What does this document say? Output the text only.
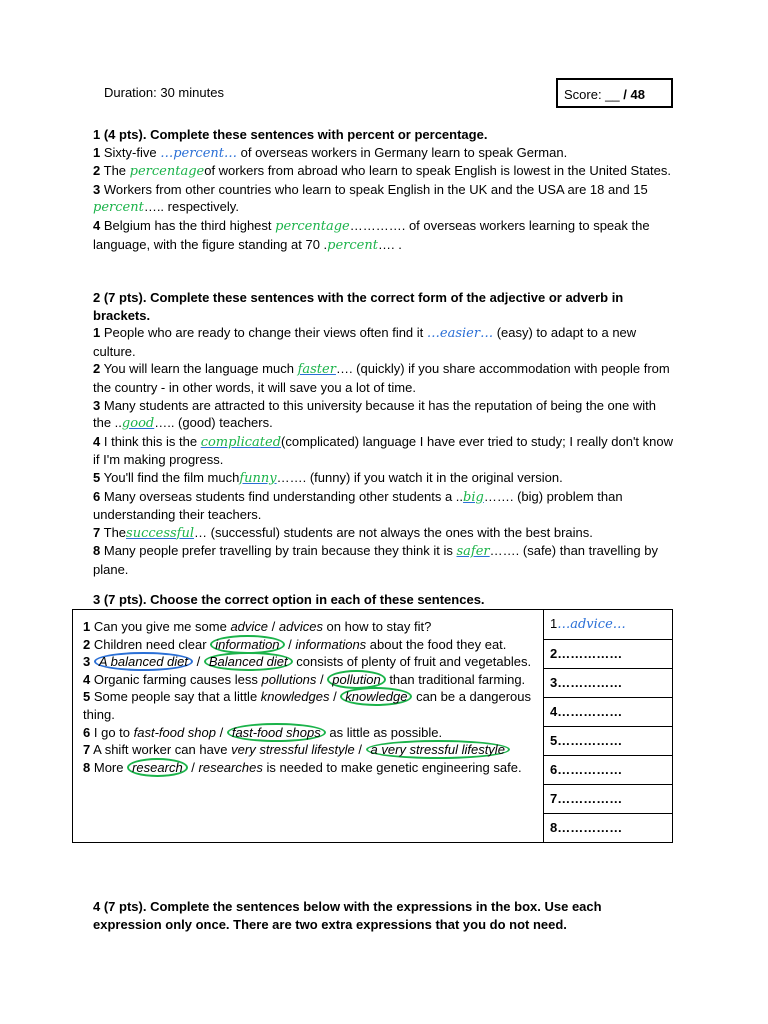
Duration: 30 minutes	Score: __ / 48

1 (4 pts). Complete these sentences with percent or percentage.

1 Sixty-five …percent… of overseas workers in Germany learn to speak German.

2 The percentageof workers from abroad who learn to speak English is lowest in the United States.

3 Workers from other countries who learn to speak English in the UK and the USA are 18 and 15 percent….. respectively.

4 Belgium has the third highest percentage…………. of overseas workers learning to speak the language, with the figure standing at 70 .percent…. .

2 (7 pts). Complete these sentences with the correct form of the adjective or adverb in brackets.

1 People who are ready to change their views often find it …easier… (easy) to adapt to a new culture.

2 You will learn the language much faster…. (quickly) if you share accommodation with people from the country - in other words, it will save you a lot of time.

3 Many students are attracted to this university because it has the reputation of being the one with the ..good….. (good) teachers.

4 I think this is the complicated(complicated) language I have ever tried to study; I really don't know if I'm making progress.

5 You'll find the film muchfunny……. (funny) if you watch it in the original version.

6 Many overseas students find understanding other students a ..big……. (big) problem than understanding their teachers.

7 Thesuccessful… (successful) students are not always the ones with the best brains.

8 Many people prefer travelling by train because they think it is safer……. (safe) than travelling by plane.

3 (7 pts). Choose the correct option in each of these sentences.

1 Can you give me some advice / advices on how to stay fit?

2 Children need clear information / informations about the food they eat.

3 A balanced diet / Balanced diet consists of plenty of fruit and vegetables.

4 Organic farming causes less pollutions / pollution than traditional farming.

5 Some people say that a little knowledges / knowledge can be a dangerous thing.

6 I go to fast-food shop / fast-food shops as little as possible.

7 A shift worker can have very stressful lifestyle / a very stressful lifestyle

8 More research / researches is needed to make genetic engineering safe.

	1…advice…
2……………
3……………
4……………
5……………
6……………
7……………
8……………

4 (7 pts). Complete the sentences below with the expressions in the box. Use each expression only once. There are two extra expressions that you do not need.
